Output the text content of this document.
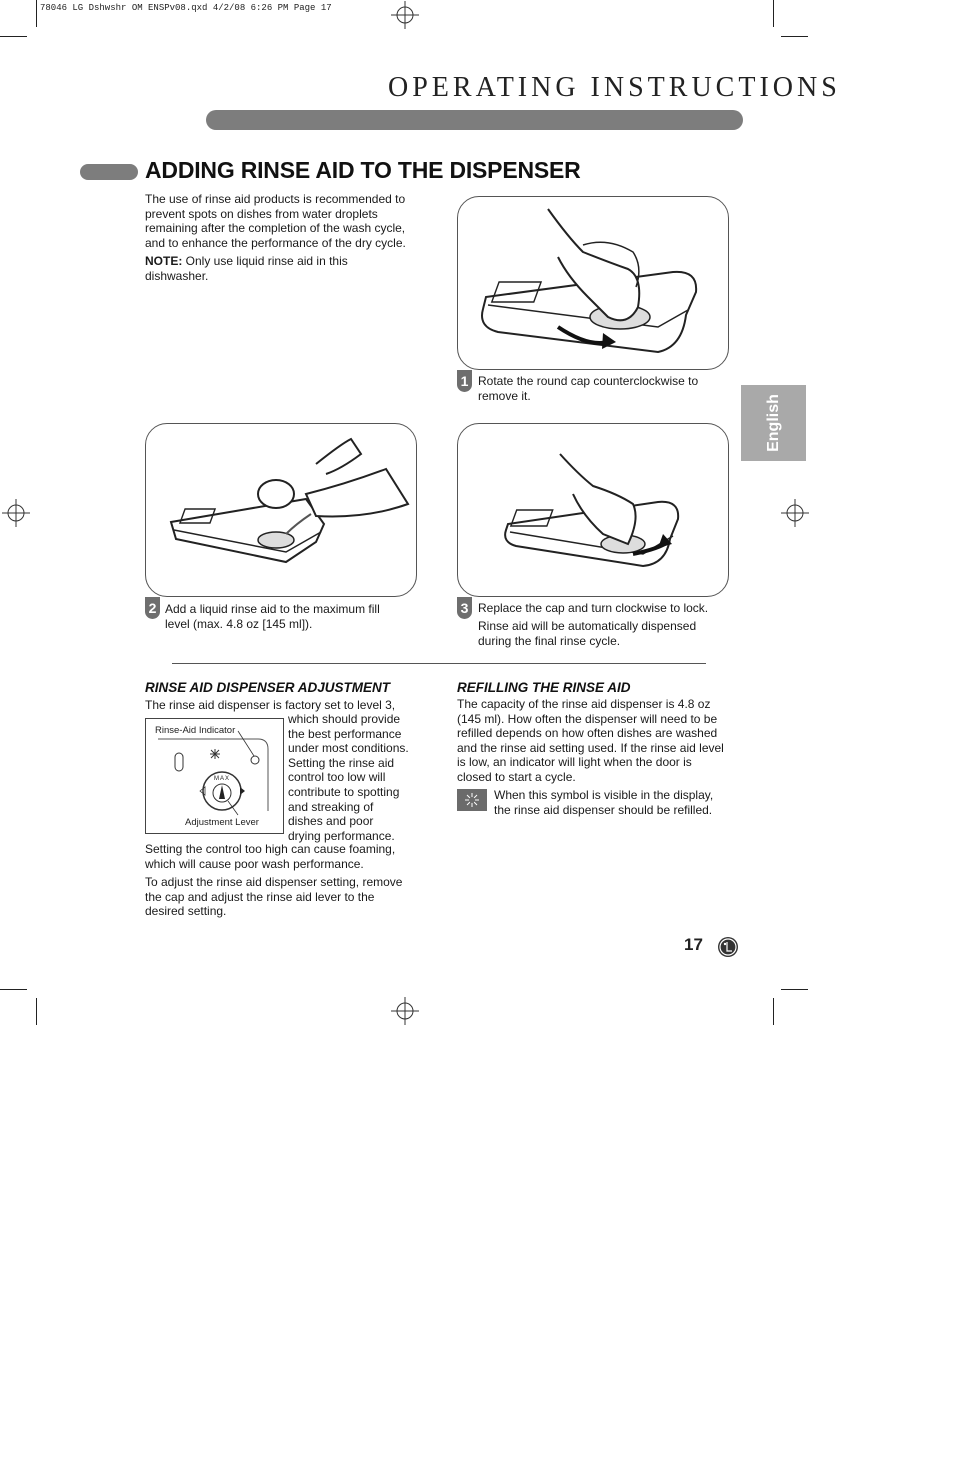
78046 LG Dshwshr OM ENSPv08.qxd 4/2/08 6:26 PM Page 17
OPERATING INSTRUCTIONS
ADDING RINSE AID TO THE DISPENSER
The use of rinse aid products is recommended to prevent spots on dishes from water droplets remaining after the completion of the wash cycle, and to enhance the performance of the dry cycle.
NOTE: Only use liquid rinse aid in this dishwasher.
English
1 Rotate the round cap counterclockwise to remove it.
2 Add a liquid rinse aid to the maximum fill level (max. 4.8 oz [145 ml]).
3 Replace the cap and turn clockwise to lock.
Rinse aid will be automatically dispensed during the final rinse cycle.
RINSE AID DISPENSER ADJUSTMENT
The rinse aid dispenser is factory set to level 3,
which should provide
the best performance
under most conditions.
Setting the rinse aid
control too low will
contribute to spotting
and streaking of
dishes and poor
drying performance.
Rinse-Aid Indicator
MAX
Adjustment Lever
Setting the control too high can cause foaming, which will cause poor wash performance.
To adjust the rinse aid dispenser setting, remove the cap and adjust the rinse aid lever to the desired setting.
REFILLING THE RINSE AID
The capacity of the rinse aid dispenser is 4.8 oz (145 ml). How often the dispenser will need to be refilled depends on how often dishes are washed and the rinse aid setting used. If the rinse aid level is low, an indicator will light when the door is closed to start a cycle.
When this symbol is visible in the display, the rinse aid dispenser should be refilled.
17
